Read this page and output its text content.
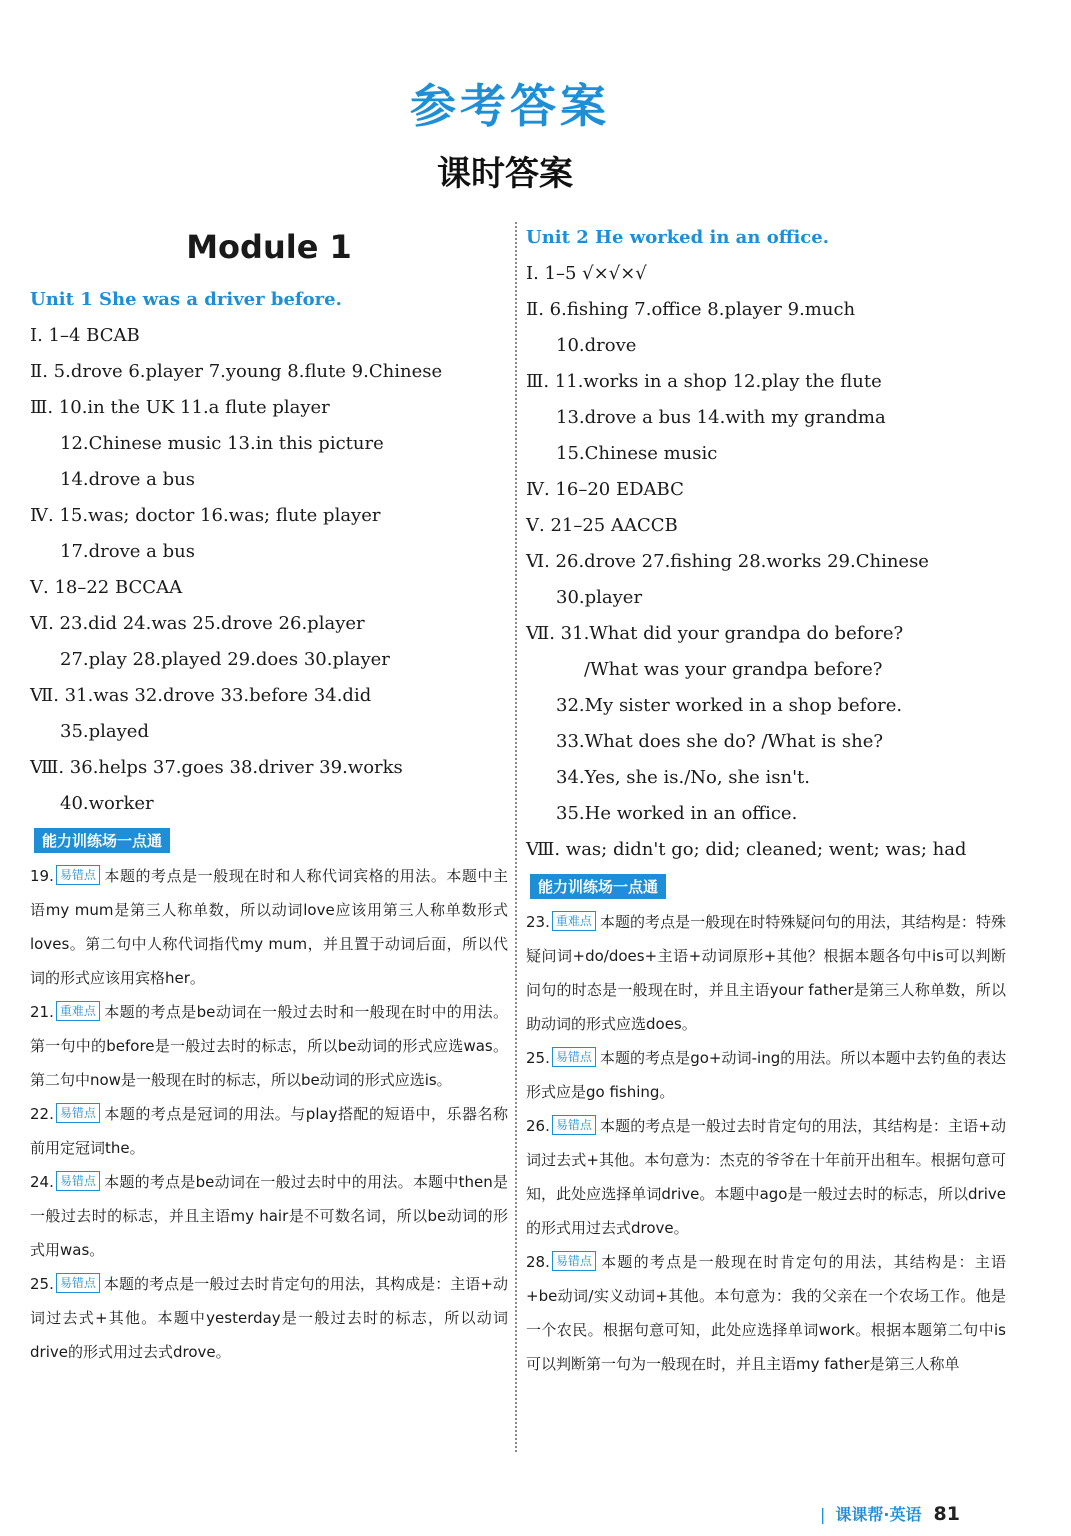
参考答案
课时答案
Module 1
Unit 1 She was a driver before.
Ⅰ. 1–4 BCAB
Ⅱ. 5.drove 6.player 7.young 8.flute 9.Chinese
Ⅲ. 10.in the UK 11.a flute player
12.Chinese music 13.in this picture
14.drove a bus
Ⅳ. 15.was; doctor 16.was; flute player
17.drove a bus
Ⅴ. 18–22 BCCAA
Ⅵ. 23.did 24.was 25.drove 26.player
27.play 28.played 29.does 30.player
Ⅶ. 31.was 32.drove 33.before 34.did
35.played
Ⅷ. 36.helps 37.goes 38.driver 39.works
40.worker
能力训练场一点通

19. 易错点 本题的考点是一般现在时和人称代词宾格的用法。本题中主语my mum是第三人称单数，所以动词love应该用第三人称单数形式loves。第二句中人称代词指代my mum，并且置于动词后面，所以代词的形式应该用宾格her。

21. 重难点 本题的考点是be动词在一般过去时和一般现在时中的用法。第一句中的before是一般过去时的标志，所以be动词的形式应选was。第二句中now是一般现在时的标志，所以be动词的形式应选is。

22. 易错点 本题的考点是冠词的用法。与play搭配的短语中，乐器名称前用定冠词the。

24. 易错点 本题的考点是be动词在一般过去时中的用法。本题中then是一般过去时的标志，并且主语my hair是不可数名词，所以be动词的形式用was。

25. 易错点 本题的考点是一般过去时肯定句的用法，其构成是：主语+动词过去式+其他。本题中yesterday是一般过去时的标志，所以动词drive的形式用过去式drove。

Unit 2 He worked in an office.
Ⅰ. 1–5 √×√×√
Ⅱ. 6.fishing 7.office 8.player 9.much
10.drove
Ⅲ. 11.works in a shop 12.play the flute
13.drove a bus 14.with my grandma
15.Chinese music
Ⅳ. 16–20 EDABC
Ⅴ. 21–25 AACCB
Ⅵ. 26.drove 27.fishing 28.works 29.Chinese
30.player
Ⅶ. 31.What did your grandpa do before?
/What was your grandpa before?
32.My sister worked in a shop before.
33.What does she do? /What is she?
34.Yes, she is./No, she isn't.
35.He worked in an office.
Ⅷ. was; didn't go; did; cleaned; went; was; had
能力训练场一点通

23. 重难点 本题的考点是一般现在时特殊疑问句的用法，其结构是：特殊疑问词+do/does+主语+动词原形+其他？根据本题各句中is可以判断问句的时态是一般现在时，并且主语your father是第三人称单数，所以助动词的形式应选does。

25. 易错点 本题的考点是go+动词-ing的用法。所以本题中去钓鱼的表达形式应是go fishing。

26. 易错点 本题的考点是一般过去时肯定句的用法，其结构是：主语+动词过去式+其他。本句意为：杰克的爷爷在十年前开出租车。根据句意可知，此处应选择单词drive。本题中ago是一般过去时的标志，所以drive的形式用过去式drove。

28. 易错点 本题的考点是一般现在时肯定句的用法，其结构是：主语+be动词/实义动词+其他。本句意为：我的父亲在一个农场工作。他是一个农民。根据句意可知，此处应选择单词work。根据本题第二句中is可以判断第一句为一般现在时，并且主语my father是第三人称单

| 课课帮·英语 81
